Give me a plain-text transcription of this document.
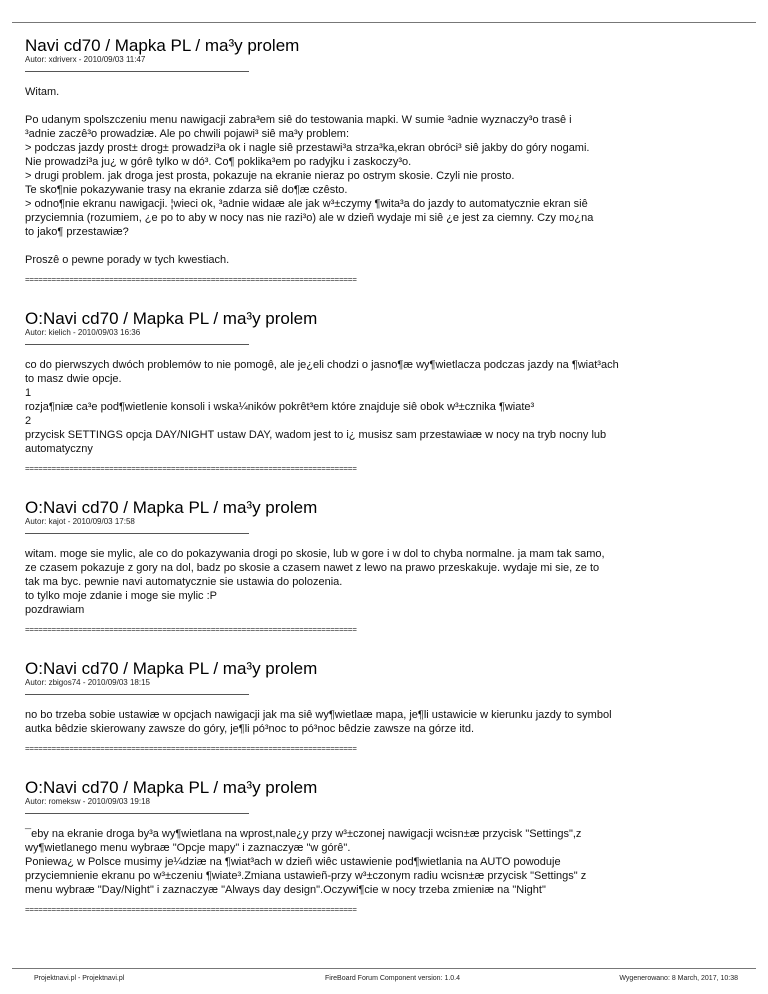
Navi cd70 / Mapka PL / ma³y prolem
Autor: xdriverx - 2010/09/03 11:47

Witam.

Po udanym spolszczeniu menu nawigacji zabra³em siê do testowania mapki. W sumie ³adnie wyznaczy³o trasê i
³adnie zaczê³o prowadziæ. Ale po chwili pojawi³ siê ma³y problem:
> podczas jazdy prost± drog± prowadzi³a ok i nagle siê przestawi³a strza³ka,ekran obróci³ siê jakby do góry nogami.
Nie prowadzi³a ju¿ w górê tylko w dó³. Co¶ poklika³em po radyjku i zaskoczy³o.
> drugi problem. jak droga jest prosta, pokazuje na ekranie nieraz po ostrym skosie. Czyli nie prosto.
Te sko¶nie pokazywanie trasy na ekranie zdarza siê do¶æ czêsto.
> odno¶nie ekranu nawigacji. ¦wieci ok, ³adnie widaæ ale jak w³±czymy ¶wita³a do jazdy to automatycznie ekran siê
przyciemnia (rozumiem, ¿e po to aby w nocy nas nie razi³o) ale w dzieñ wydaje mi siê ¿e jest za ciemny. Czy mo¿na
to jako¶ przestawiæ?

Proszê o pewne porady w tych kwestiach.

===========================================================================
O:Navi cd70 / Mapka PL / ma³y prolem
Autor: kielich - 2010/09/03 16:36

co do pierwszych dwóch problemów to nie pomogê, ale je¿eli chodzi o jasno¶æ wy¶wietlacza podczas jazdy na ¶wiat³ach
to masz dwie opcje.
1
rozja¶niæ ca³e pod¶wietlenie konsoli i wska¼ników pokrêt³em które znajduje siê obok w³±cznika ¶wiate³
2
przycisk SETTINGS opcja DAY/NIGHT ustaw DAY, wadom jest to i¿ musisz sam przestawiaæ w nocy na tryb nocny lub
automatyczny

===========================================================================
O:Navi cd70 / Mapka PL / ma³y prolem
Autor: kajot - 2010/09/03 17:58

witam. moge sie mylic, ale co do pokazywania drogi po skosie, lub w gore i w dol to chyba normalne. ja mam tak samo,
ze czasem pokazuje z gory na dol, badz po skosie a czasem nawet z lewo na prawo przeskakuje. wydaje mi sie, ze to
tak ma byc. pewnie navi automatycznie sie ustawia do polozenia.
to tylko moje zdanie i moge sie mylic :P
pozdrawiam

===========================================================================
O:Navi cd70 / Mapka PL / ma³y prolem
Autor: zbigos74 - 2010/09/03 18:15

no bo trzeba sobie ustawiæ w opcjach nawigacji jak ma siê wy¶wietlaæ mapa, je¶li ustawicie w kierunku jazdy to symbol
autka bêdzie skierowany zawsze do góry, je¶li pó³noc to pó³noc bêdzie zawsze na górze itd.

===========================================================================
O:Navi cd70 / Mapka PL / ma³y prolem
Autor: romeksw - 2010/09/03 19:18

¯eby na ekranie droga by³a wy¶wietlana na wprost,nale¿y przy w³±czonej nawigacji wcisn±æ przycisk "Settings",z
wy¶wietlanego menu wybraæ "Opcje mapy" i zaznaczyæ "w górê".
Poniewa¿ w Polsce musimy je¼dziæ na ¶wiat³ach w dzieñ wiêc ustawienie pod¶wietlania na AUTO powoduje
przyciemnienie ekranu po w³±czeniu ¶wiate³.Zmiana ustawieñ-przy w³±czonym radiu wcisn±æ przycisk "Settings" z
menu wybraæ "Day/Night" i zaznaczyæ "Always day design".Oczywi¶cie w nocy trzeba zmieniæ na "Night"

===========================================================================
Projektnavi.pl - Projektnavi.pl	FireBoard Forum Component version: 1.0.4	Wygenerowano: 8 March, 2017, 10:38
